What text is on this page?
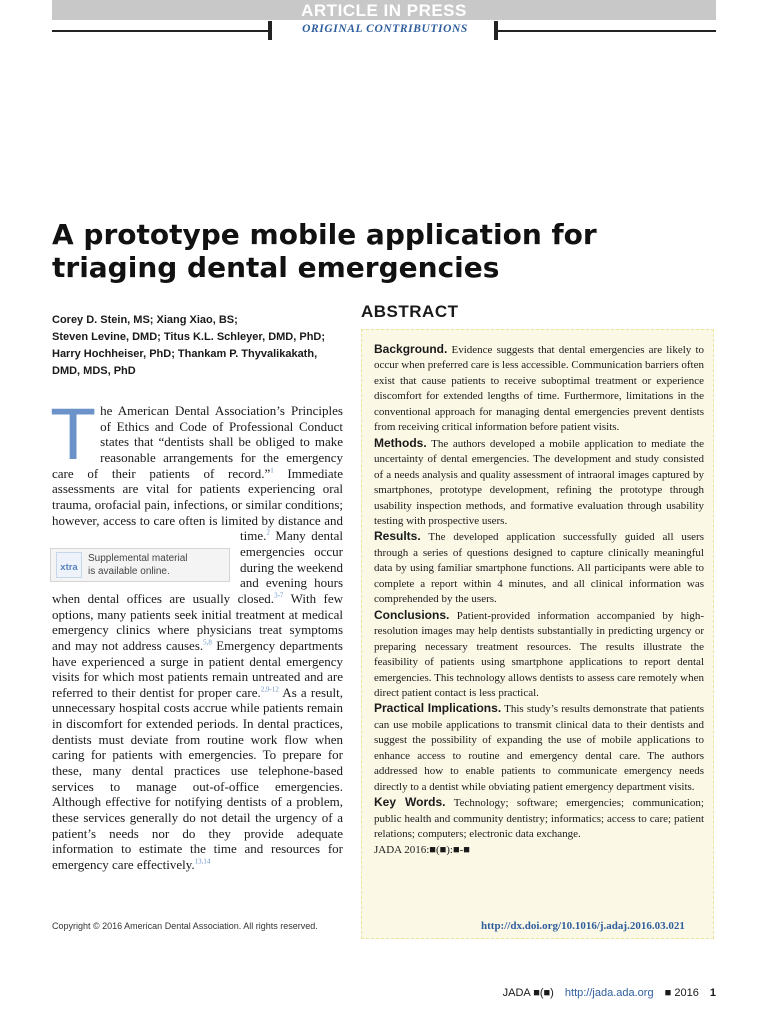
ARTICLE IN PRESS
ORIGINAL CONTRIBUTIONS
A prototype mobile application for
triaging dental emergencies
Corey D. Stein, MS; Xiang Xiao, BS;
Steven Levine, DMD; Titus K.L. Schleyer, DMD, PhD;
Harry Hochheiser, PhD; Thankam P. Thyvalikakath,
DMD, MDS, PhD
ABSTRACT

Background. Evidence suggests that dental emergencies are likely to occur when preferred care is less accessible. Communication barriers often exist that cause patients to receive suboptimal treatment or experience discomfort for extended lengths of time. Furthermore, limitations in the conventional approach for managing dental emergencies prevent dentists from receiving critical information before patient visits.

Methods. The authors developed a mobile application to mediate the uncertainty of dental emergencies. The development and study consisted of a needs analysis and quality assessment of intraoral images captured by smartphones, prototype development, refining the prototype through usability inspection methods, and formative evaluation through usability testing with prospective users.

Results. The developed application successfully guided all users through a series of questions designed to capture clinically meaningful data by using familiar smartphone functions. All participants were able to complete a report within 4 minutes, and all clinical information was comprehended by the users.

Conclusions. Patient-provided information accompanied by high-resolution images may help dentists substantially in predicting urgency or preparing necessary treatment resources. The results illustrate the feasibility of patients using smartphone applications to report dental emergencies. This technology allows dentists to assess care remotely when direct patient contact is less practical.

Practical Implications. This study’s results demonstrate that patients can use mobile applications to transmit clinical data to their dentists and suggest the possibility of expanding the use of mobile applications to enhance access to routine and emergency dental care. The authors addressed how to enable patients to communicate emergency needs directly to a dentist while obviating patient emergency department visits.

Key Words. Technology; software; emergencies; communication; public health and community dentistry; informatics; access to care; patient relations; computers; electronic data exchange.

JADA 2016:■(■):■-■
http://dx.doi.org/10.1016/j.adaj.2016.03.021
T he American Dental Association’s Principles of Ethics and Code of Professional Conduct states that “dentists shall be obliged to make reasonable arrangements for the emergency care of their patients of record.”$^1$ Immediate assessments are vital for patients experiencing oral trauma, orofacial pain, infections, or similar conditions; however, access to care often is limited by distance and time.
xtra
Supplemental material
is available online.
$^2$ Many dental emergencies occur during the weekend and evening hours when dental offices are usually closed.$^{3-7}$ With few options, many patients seek initial treatment at medical emergency clinics where physicians treat symptoms and may not address causes.$^{5,8}$ Emergency departments have experienced a surge in patient dental emergency visits for which most patients remain untreated and are referred to their dentist for proper care.$^{2,9-12}$ As a result, unnecessary hospital costs accrue while patients remain in discomfort for extended periods. In dental practices, dentists must deviate from routine work flow when caring for patients with emergencies. To prepare for these, many dental practices use telephone-based services to manage out-of-office emergencies. Although effective for notifying dentists of a problem, these services generally do not detail the urgency of a patient’s needs nor do they provide adequate information to estimate the time and resources for emergency care effectively.$^{13,14}$

Copyright © 2016 American Dental Association. All rights reserved.
JADA ■(■) http://jada.ada.org ■ 2016 1
